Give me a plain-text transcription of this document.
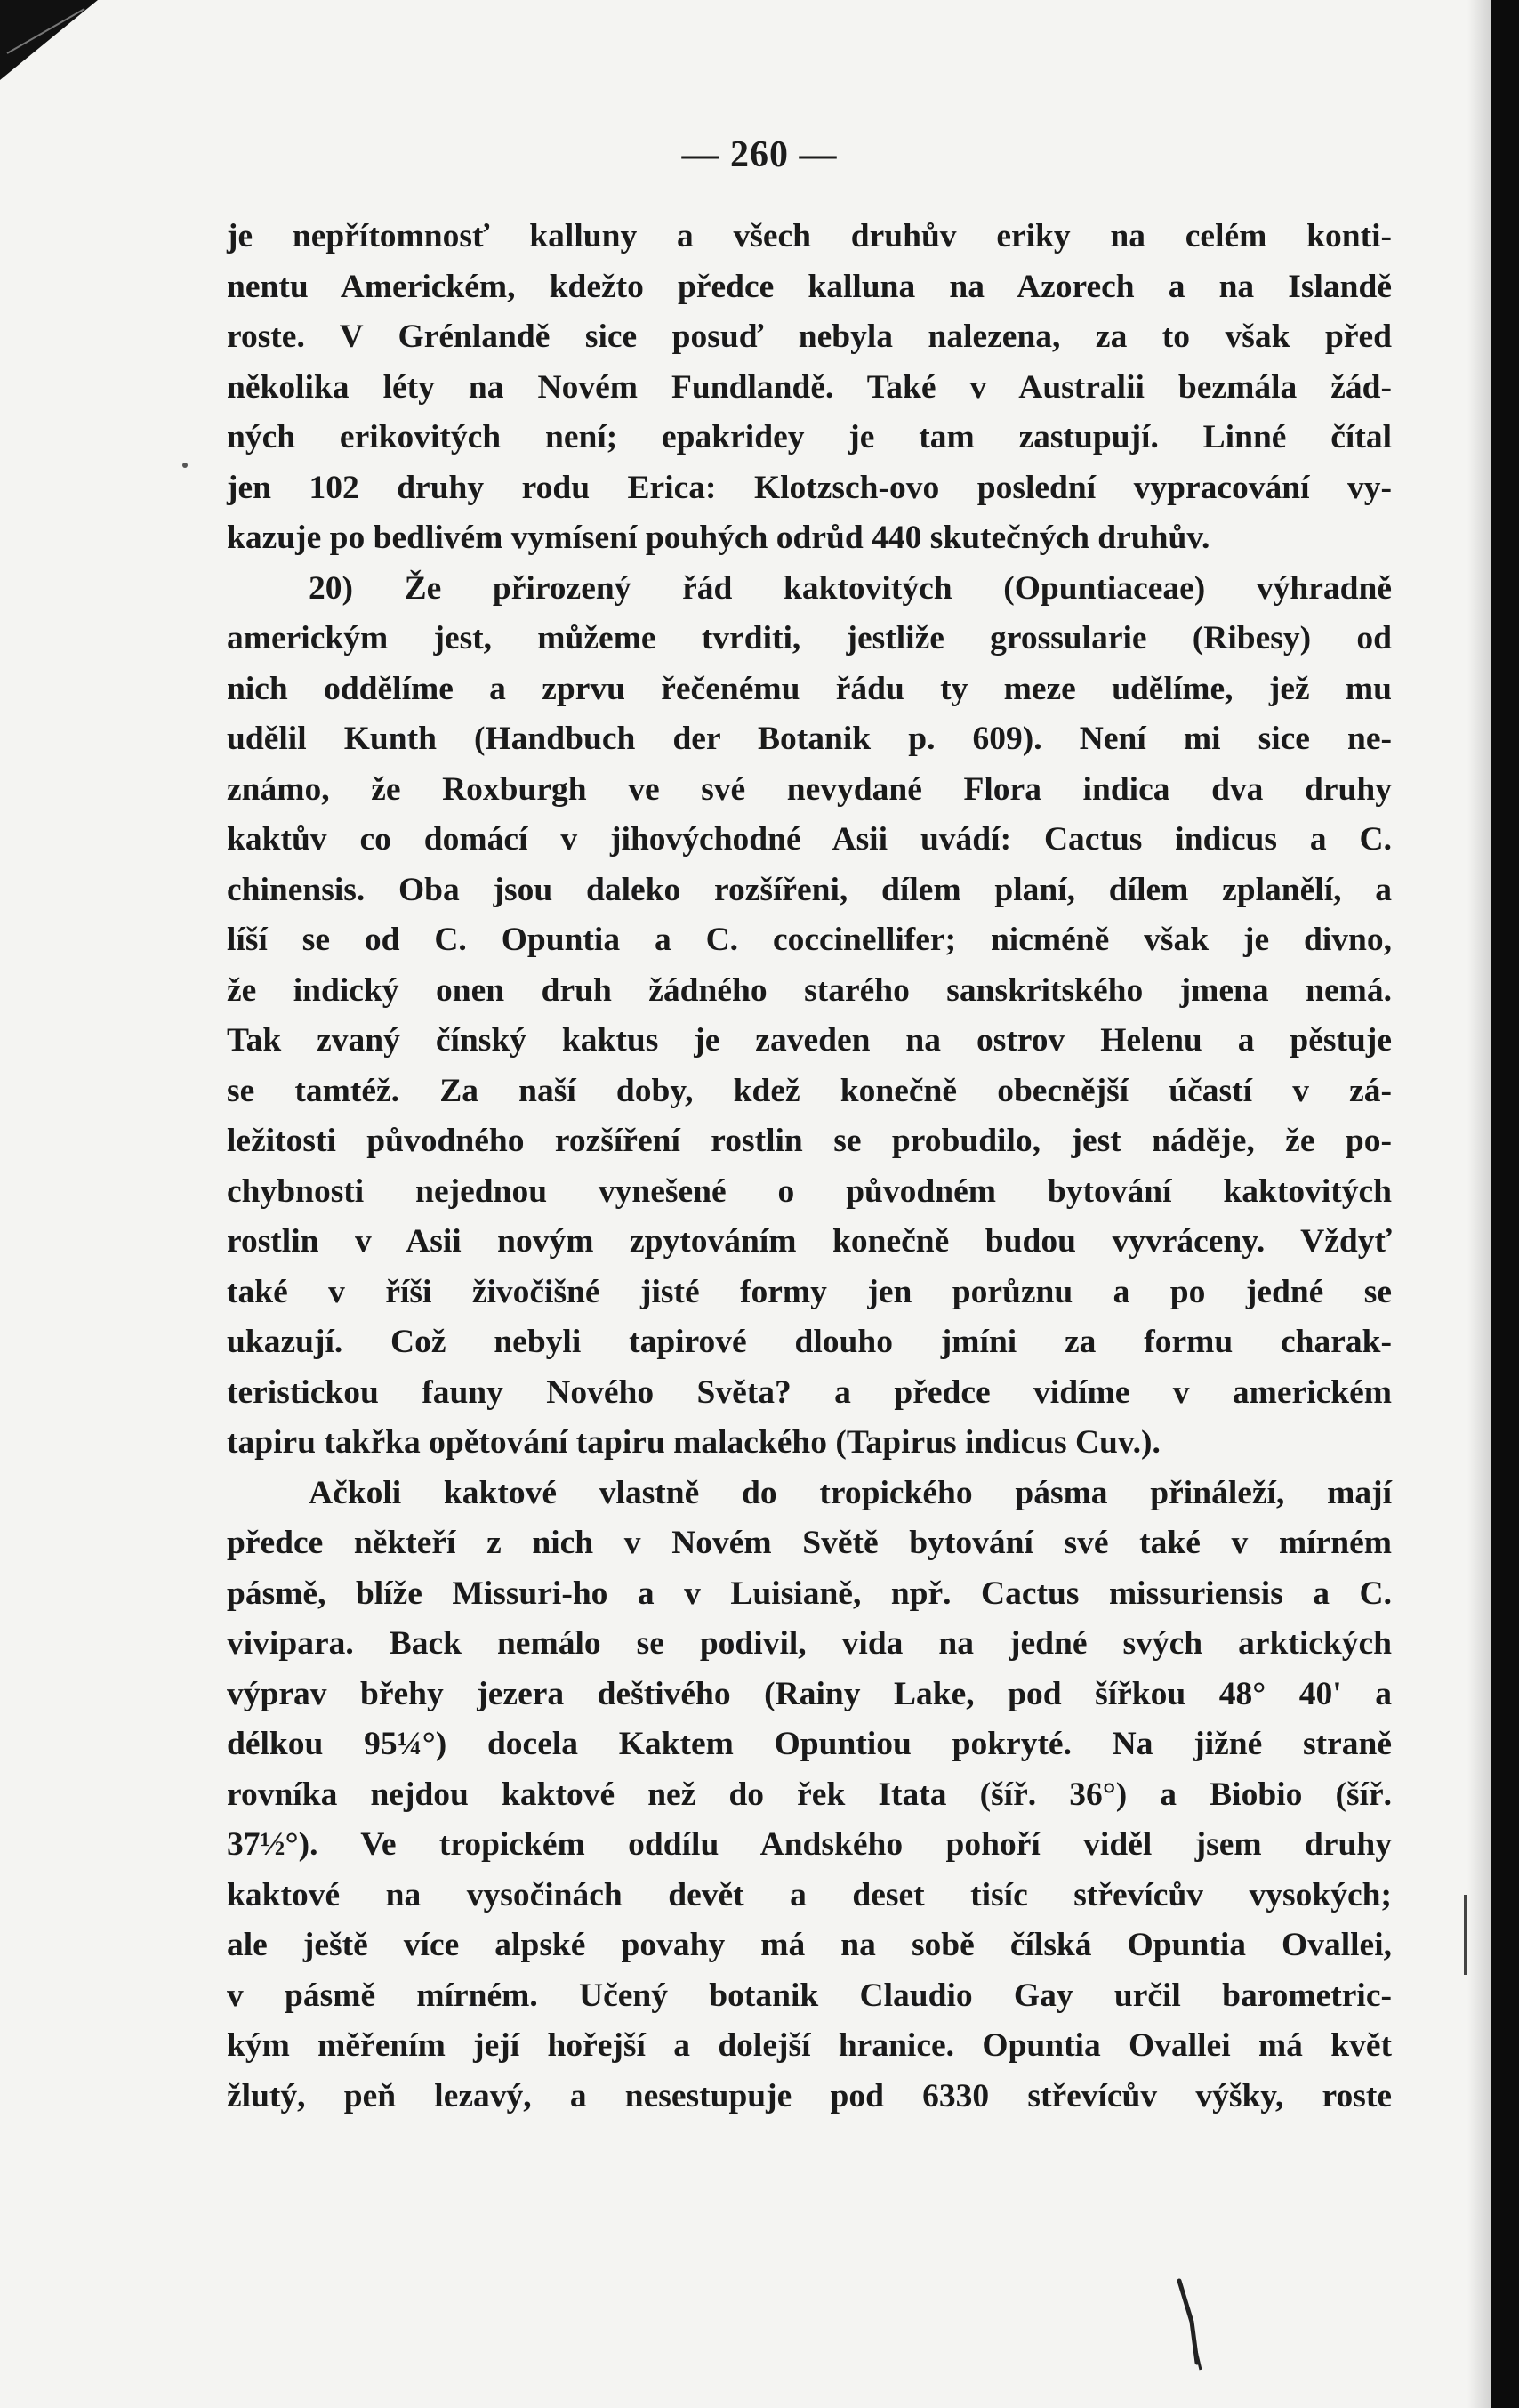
— 260 —
je nepřítomnosť kalluny a všech druhův eriky na celém konti-
nentu Americkém, kdežto předce kalluna na Azorech a na Islandě
roste. V Grénlandě sice posuď nebyla nalezena, za to však před
několika léty na Novém Fundlandě. Také v Australii bezmála žád-
ných erikovitých není; epakridey je tam zastupují. Linné čítal
jen 102 druhy rodu Erica: Klotzsch-ovo poslední vypracování vy-
kazuje po bedlivém vymísení pouhých odrůd 440 skutečných druhův.
20) Že přirozený řád kaktovitých (Opuntiaceae) výhradně
americkým jest, můžeme tvrditi, jestliže grossularie (Ribesy) od
nich oddělíme a zprvu řečenému řádu ty meze udělíme, jež mu
udělil Kunth (Handbuch der Botanik p. 609). Není mi sice ne-
známo, že Roxburgh ve své nevydané Flora indica dva druhy
kaktův co domácí v jihovýchodné Asii uvádí: Cactus indicus a C.
chinensis. Oba jsou daleko rozšířeni, dílem planí, dílem zplanělí, a
líší se od C. Opuntia a C. coccinellifer; nicméně však je divno,
že indický onen druh žádného starého sanskritského jmena nemá.
Tak zvaný čínský kaktus je zaveden na ostrov Helenu a pěstuje
se tamtéž. Za naší doby, kdež konečně obecnější účastí v zá-
ležitosti původného rozšíření rostlin se probudilo, jest náděje, že po-
chybnosti nejednou vynešené o původném bytování kaktovitých
rostlin v Asii novým zpytováním konečně budou vyvráceny. Vždyť
také v říši živočišné jisté formy jen porůznu a po jedné se
ukazují. Což nebyli tapirové dlouho jmíni za formu charak-
teristickou fauny Nového Světa? a předce vidíme v americkém
tapiru takřka opětování tapiru malackého (Tapirus indicus Cuv.).
Ačkoli kaktové vlastně do tropického pásma přináleží, mají
předce někteří z nich v Novém Světě bytování své také v mírném
pásmě, blíže Missuri-ho a v Luisianě, npř. Cactus missuriensis a C.
vivipara. Back nemálo se podivil, vida na jedné svých arktických
výprav břehy jezera deštivého (Rainy Lake, pod šířkou 48° 40' a
délkou 95¼°) docela Kaktem Opuntiou pokryté. Na jižné straně
rovníka nejdou kaktové než do řek Itata (šíř. 36°) a Biobio (šíř.
37½°). Ve tropickém oddílu Andského pohoří viděl jsem druhy
kaktové na vysočinách devět a deset tisíc střevícův vysokých;
ale ještě více alpské povahy má na sobě čílská Opuntia Ovallei,
v pásmě mírném. Učený botanik Claudio Gay určil barometric-
kým měřením její hořejší a dolejší hranice. Opuntia Ovallei má květ
žlutý, peň lezavý, a nesestupuje pod 6330 střevícův výšky, roste
